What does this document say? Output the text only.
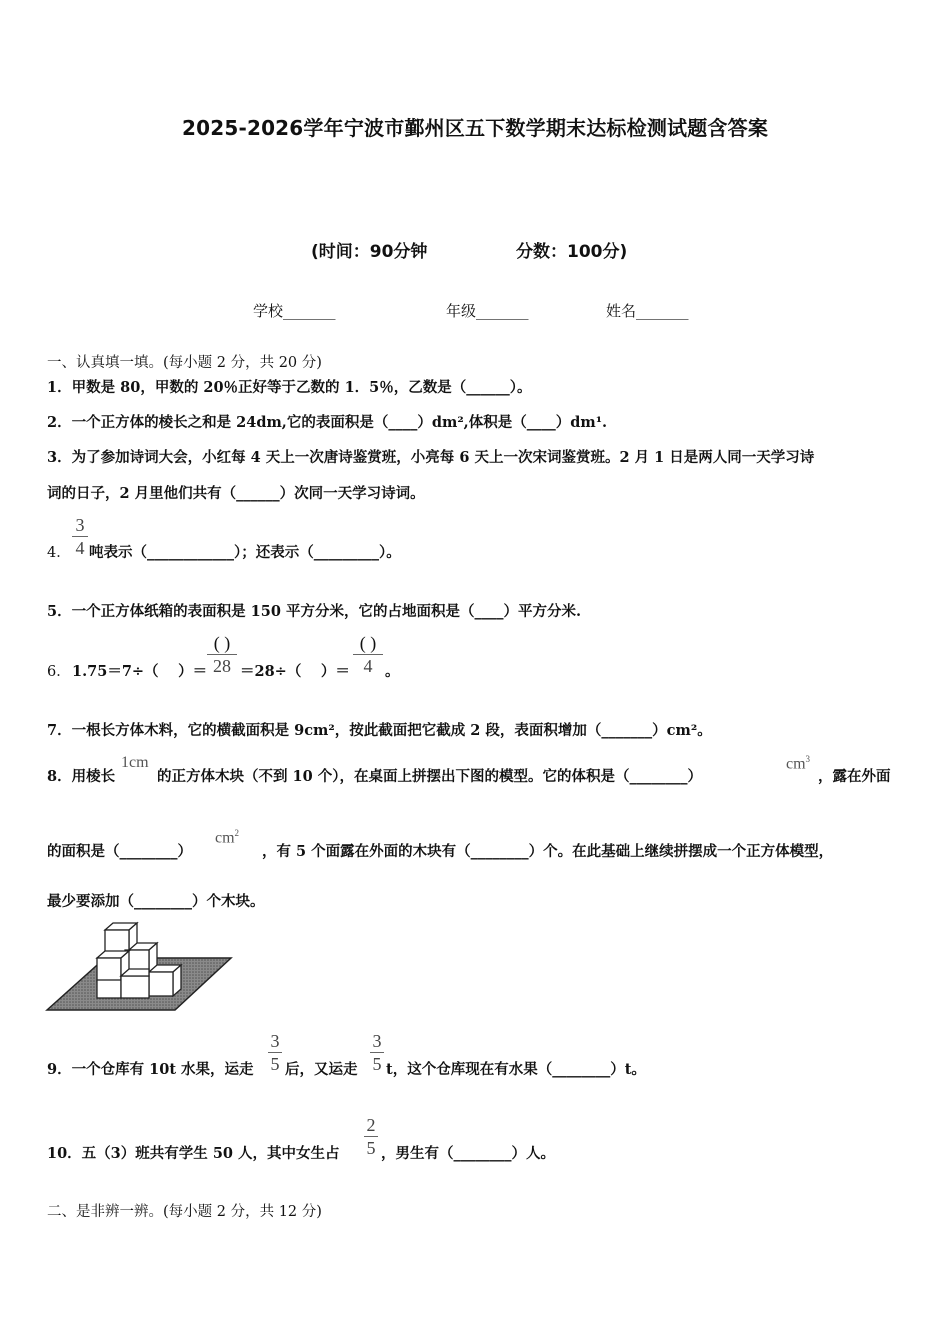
2025-2026学年宁波市鄞州区五下数学期末达标检测试题含答案
(时间：90分钟	分数：100分)
学校_______	年级_______	姓名_______
一、认真填一填。(每小题 2 分，共 20 分)
1．甲数是 80，甲数的 20％正好等于乙数的 1．5％，乙数是（______）。
2．一个正方体的棱长之和是 24dm,它的表面积是（____）dm²,体积是（____）dm¹.
3．为了参加诗词大会，小红每 4 天上一次唐诗鉴赏班，小亮每 6 天上一次宋词鉴赏班。2 月 1 日是两人同一天学习诗
词的日子，2 月里他们共有（______）次同一天学习诗词。
4．
3
4 吨表示（____________）；还表示（_________）。
5．一个正方体纸箱的表面积是 150 平方分米，它的占地面积是（____）平方分米.
6． 1.75＝7÷（　 ）＝
( )
28 ＝28÷（　 ）＝
( )
4 。
7．一根长方体木料，它的横截面积是 9cm²，按此截面把它截成 2 段，表面积增加（_______）cm²。
8．用棱长
1cm
的正方体木块（不到 10 个），在桌面上拼摆出下图的模型。它的体积是（________）
$cm^3$
，露在外面
的面积是（________）
$cm^2$
，有 5 个面露在外面的木块有（________）个。在此基础上继续拼摆成一个正方体模型，
最少要添加（________）个木块。
9．一个仓库有 10t 水果，运走
3
5 后，又运走
3
5 t，这个仓库现在有水果（________）t。
10．五（3）班共有学生 50 人，其中女生占
2
5 ，男生有（________）人。
二、是非辨一辨。(每小题 2 分，共 12 分)
